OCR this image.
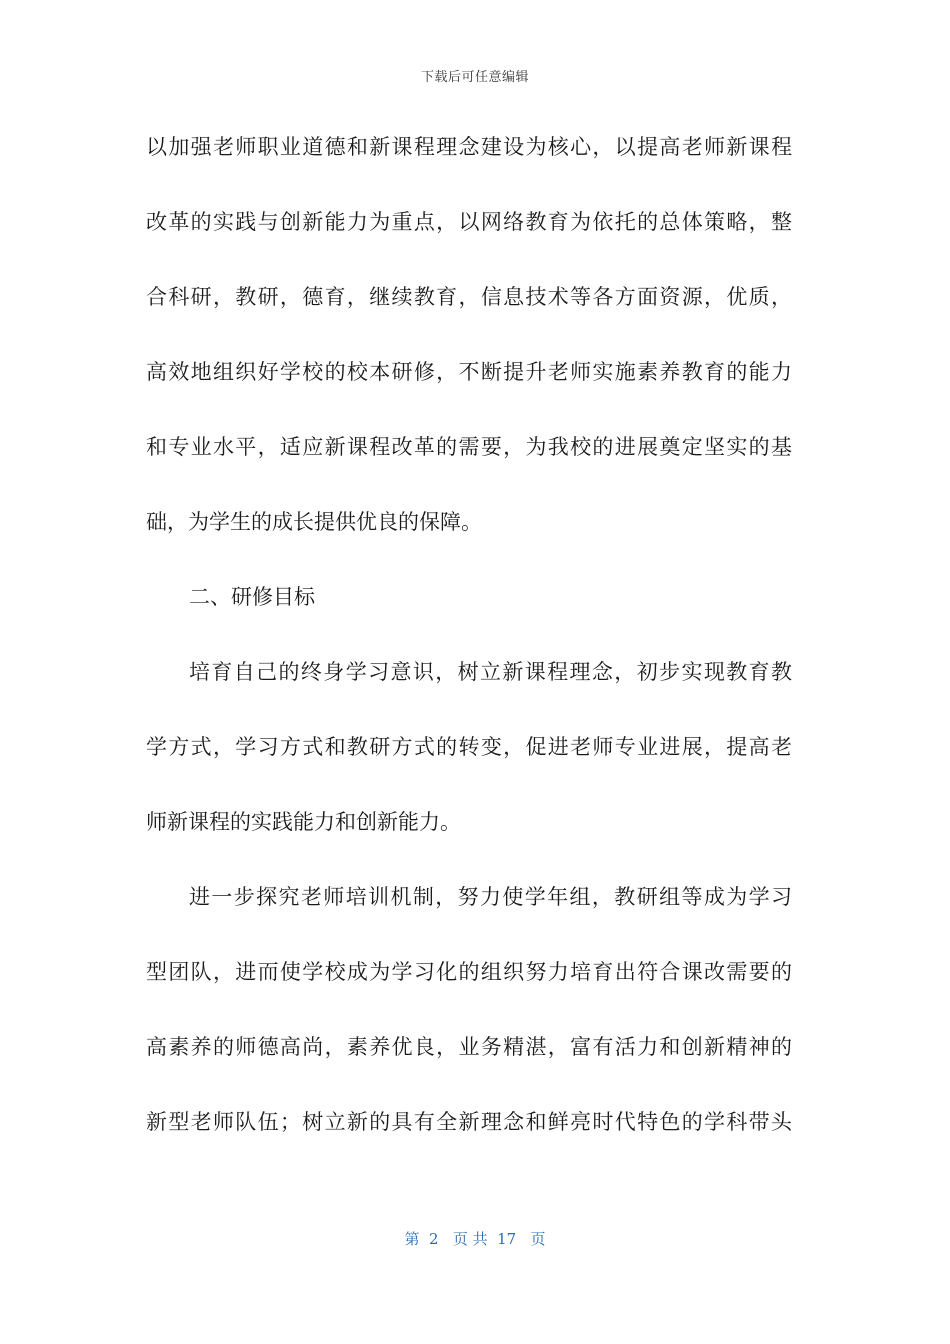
下载后可任意编辑
以加强老师职业道德和新课程理念建设为核心，以提高老师新课程
改革的实践与创新能力为重点，以网络教育为依托的总体策略，整
合科研，教研，德育，继续教育，信息技术等各方面资源，优质，
高效地组织好学校的校本研修，不断提升老师实施素养教育的能力
和专业水平，适应新课程改革的需要，为我校的进展奠定坚实的基
础，为学生的成长提供优良的保障。
二、研修目标
培育自己的终身学习意识，树立新课程理念，初步实现教育教
学方式，学习方式和教研方式的转变，促进老师专业进展，提高老
师新课程的实践能力和创新能力。
进一步探究老师培训机制，努力使学年组，教研组等成为学习
型团队，进而使学校成为学习化的组织努力培育出符合课改需要的
高素养的师德高尚，素养优良，业务精湛，富有活力和创新精神的
新型老师队伍；树立新的具有全新理念和鲜亮时代特色的学科带头
第  2   页 共  17   页
